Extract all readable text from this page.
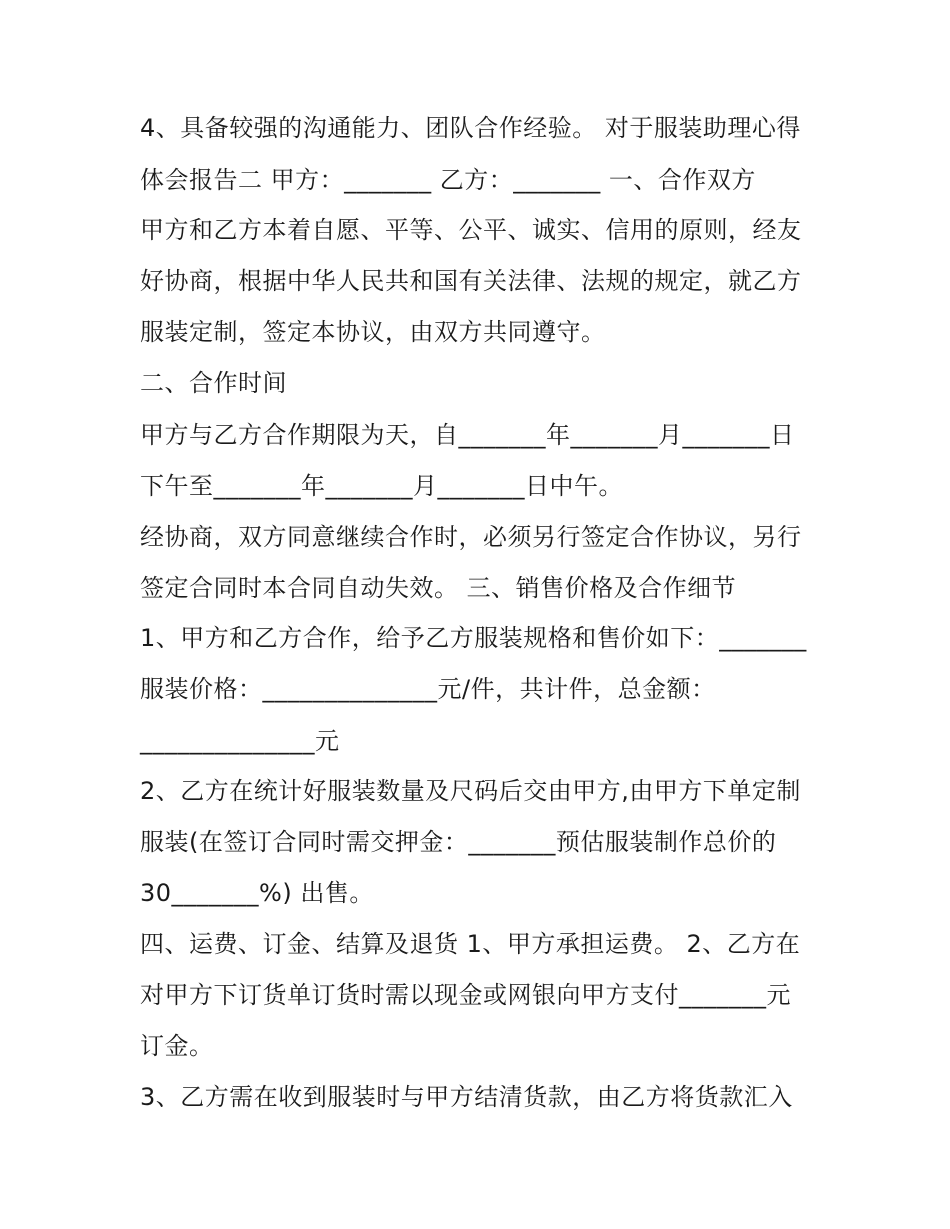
4、具备较强的沟通能力、团队合作经验。 对于服装助理心得
体会报告二 甲方：_______ 乙方：_______ 一、合作双方
甲方和乙方本着自愿、平等、公平、诚实、信用的原则，经友
好协商，根据中华人民共和国有关法律、法规的规定，就乙方
服装定制，签定本协议，由双方共同遵守。
二、合作时间
甲方与乙方合作期限为天，自_______年_______月_______日
下午至_______年_______月_______日中午。
经协商，双方同意继续合作时，必须另行签定合作协议，另行
签定合同时本合同自动失效。 三、销售价格及合作细节
1、甲方和乙方合作，给予乙方服装规格和售价如下：_______
服装价格：______________元/件，共计件，总金额：
______________元
2、乙方在统计好服装数量及尺码后交由甲方,由甲方下单定制
服装(在签订合同时需交押金：_______预估服装制作总价的
30_______%) 出售。
四、运费、订金、结算及退货 1、甲方承担运费。 2、乙方在
对甲方下订货单订货时需以现金或网银向甲方支付_______元
订金。
3、乙方需在收到服装时与甲方结清货款，由乙方将货款汇入
